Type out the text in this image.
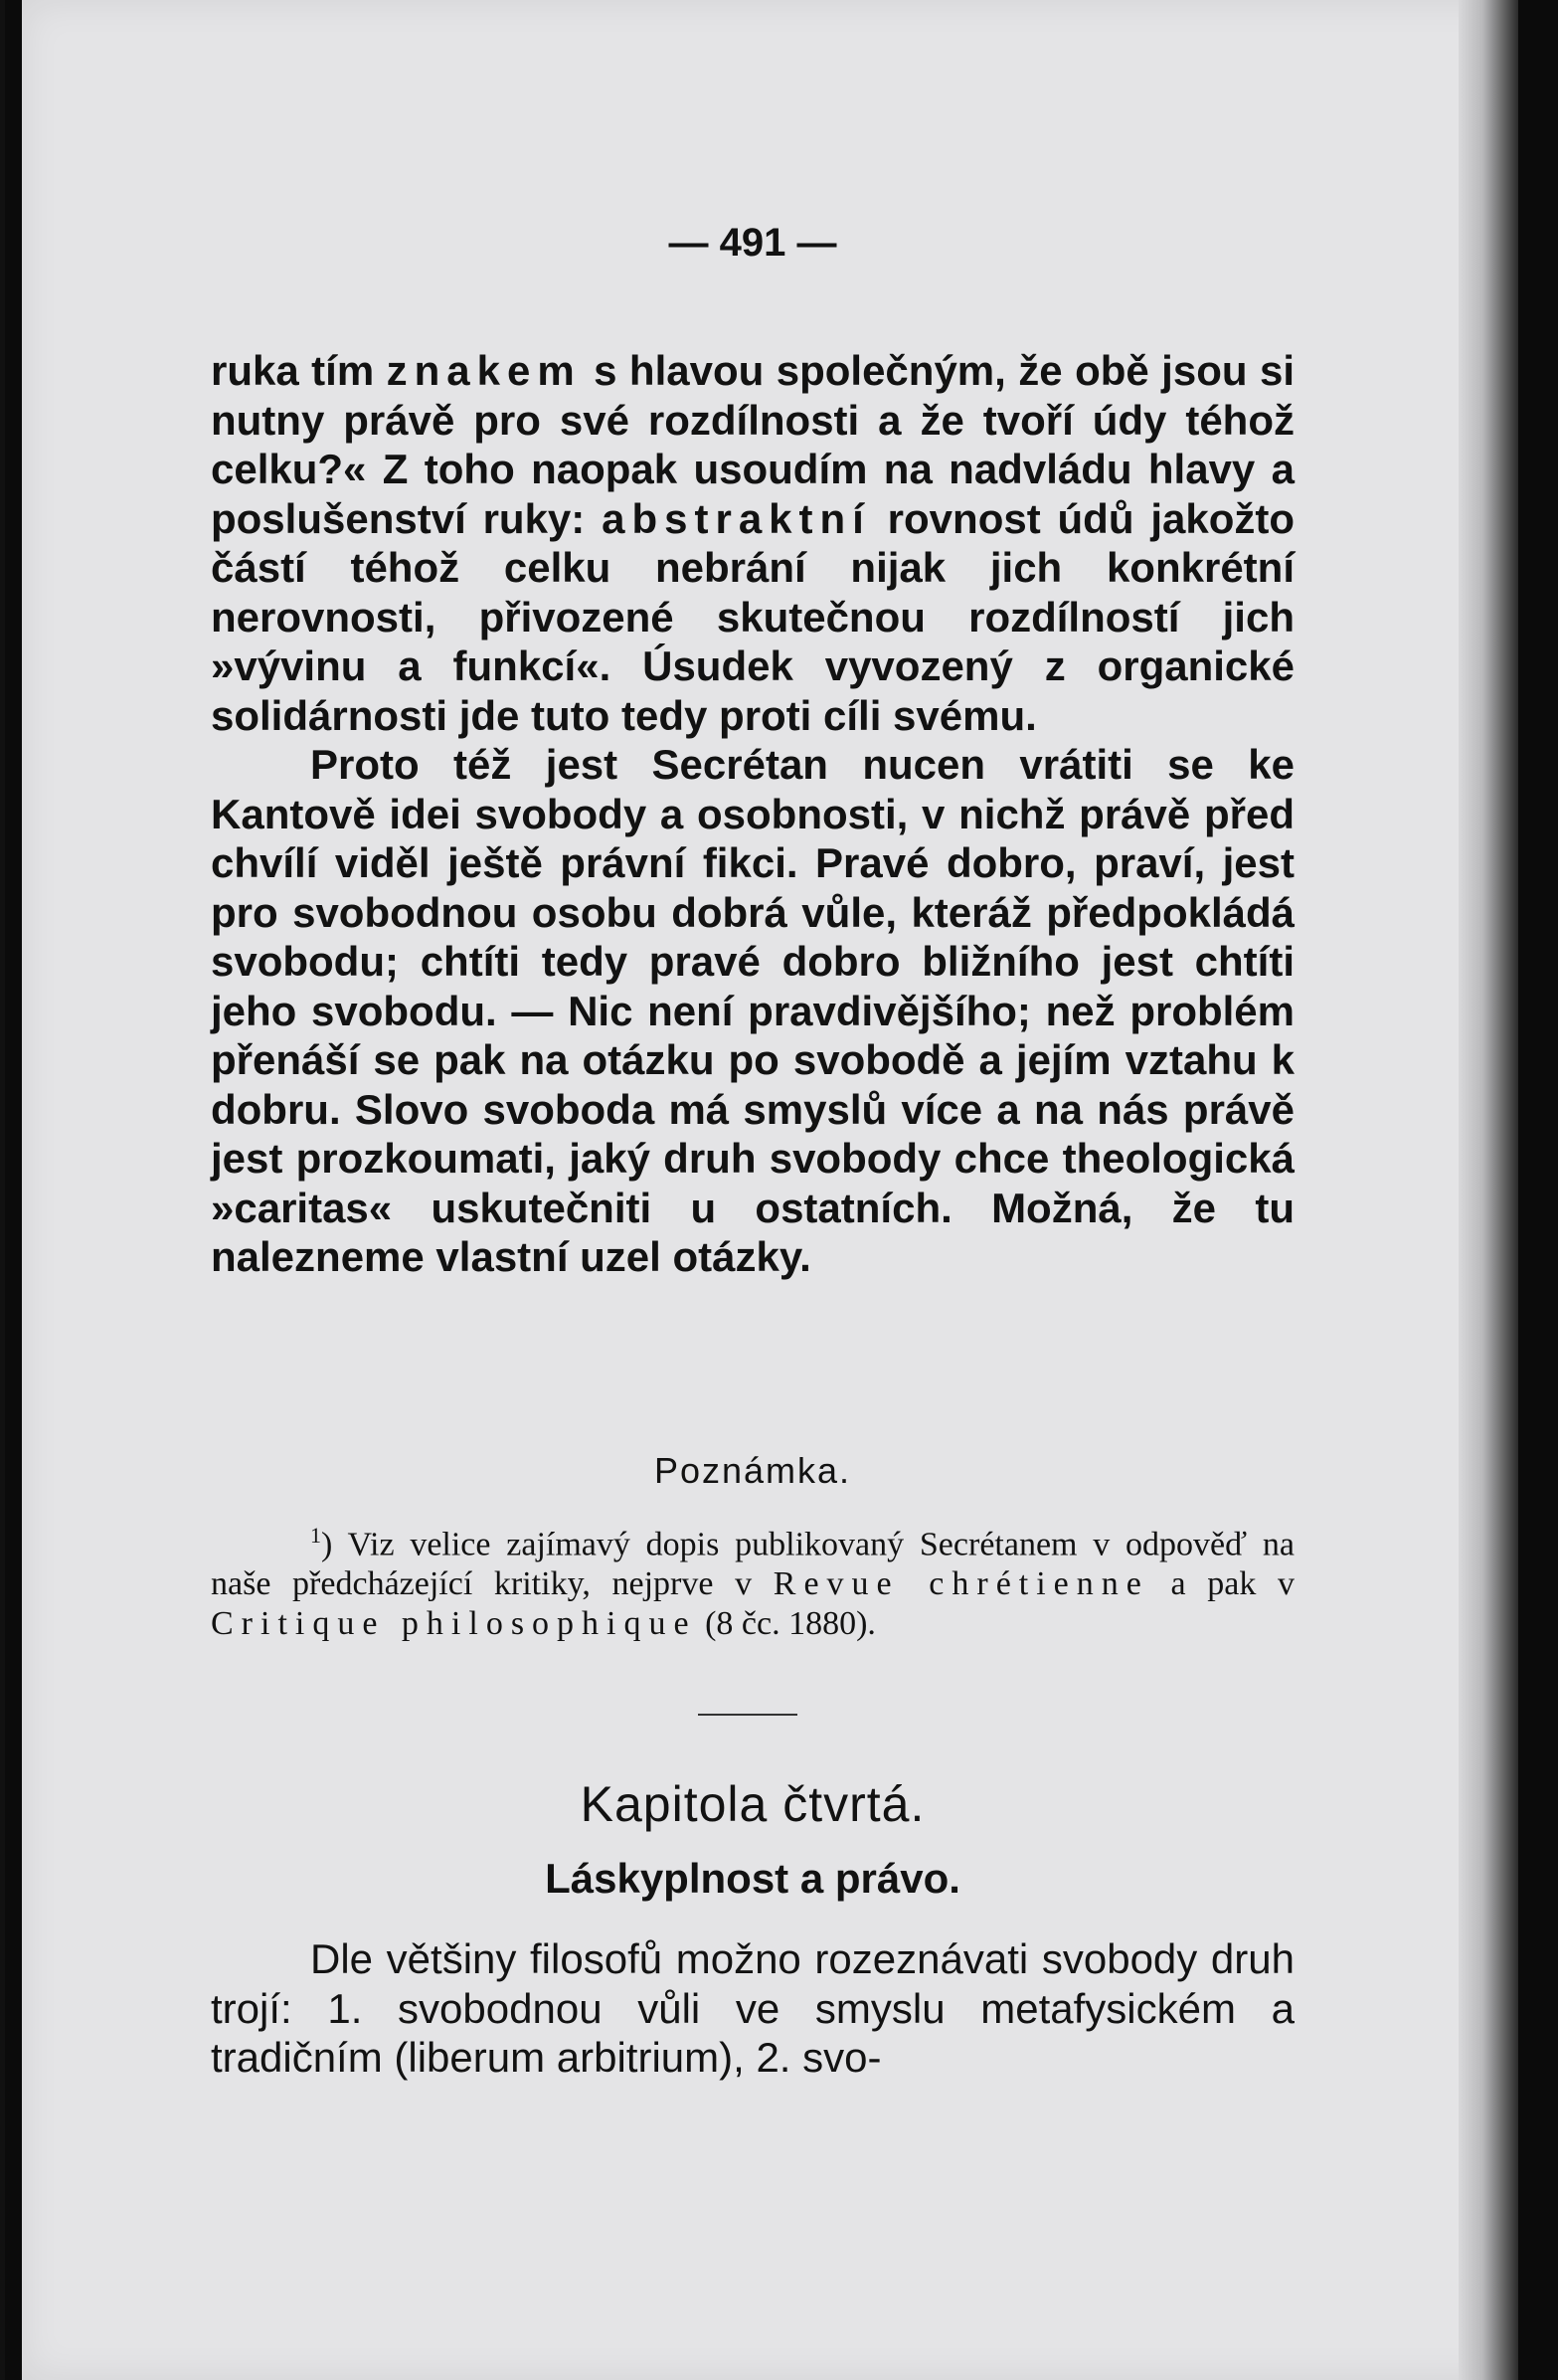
— 491 —

ruka tím znakem s hlavou společným, že obě jsou si nutny právě pro své rozdílnosti a že tvoří údy téhož celku?« Z toho naopak usoudím na nadvládu hlavy a poslušenství ruky: abstraktní rovnost údů jakožto částí téhož celku nebrání nijak jich konkrétní nerovnosti, přivozené skutečnou rozdílností jich »vývinu a funkcí«. Úsudek vyvozený z organické solidárnosti jde tuto tedy proti cíli svému.

Proto též jest Secrétan nucen vrátiti se ke Kantově idei svobody a osobnosti, v nichž právě před chvílí viděl ještě právní fikci. Pravé dobro, praví, jest pro svobodnou osobu dobrá vůle, kteráž předpokládá svobodu; chtíti tedy pravé dobro bližního jest chtíti jeho svobodu. — Nic není pravdivějšího; než problém přenáší se pak na otázku po svobodě a jejím vztahu k dobru. Slovo svoboda má smyslů více a na nás právě jest prozkoumati, jaký druh svobody chce theologická »caritas« uskutečniti u ostatních. Možná, že tu nalezneme vlastní uzel otázky.

Poznámka.
$^1$) Viz velice zajímavý dopis publikovaný Secrétanem v odpověď na naše předcházející kritiky, nejprve v Revue chrétienne a pak v Critique philosophique (8 čc. 1880).
Kapitola čtvrtá.
Láskyplnost a právo.

Dle většiny filosofů možno rozeznávati svobody druh trojí: 1. svobodnou vůli ve smyslu metafysickém a tradičním (liberum arbitrium), 2. svo-
